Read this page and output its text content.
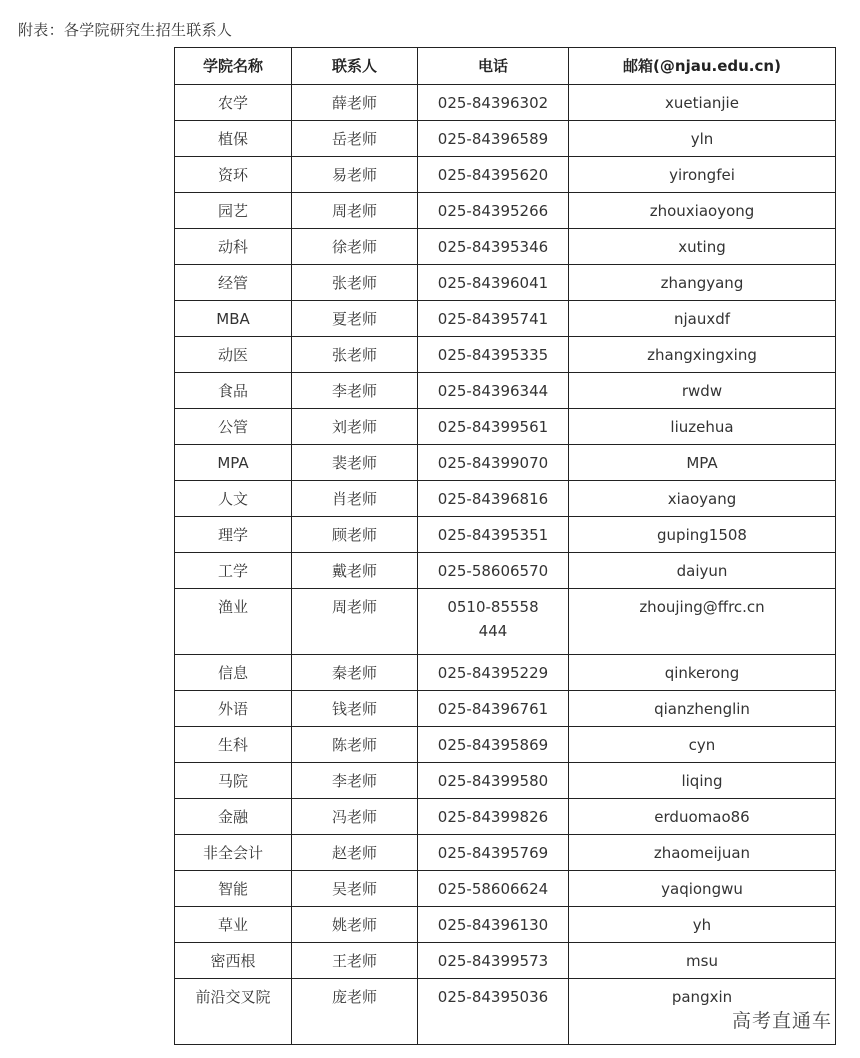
附表：各学院研究生招生联系人
学院名称	联系人	电话	邮箱(@njau.edu.cn)
农学	薛老师	025-84396302	xuetianjie
植保	岳老师	025-84396589	yln
资环	易老师	025-84395620	yirongfei
园艺	周老师	025-84395266	zhouxiaoyong
动科	徐老师	025-84395346	xuting
经管	张老师	025-84396041	zhangyang
MBA	夏老师	025-84395741	njauxdf
动医	张老师	025-84395335	zhangxingxing
食品	李老师	025-84396344	rwdw
公管	刘老师	025-84399561	liuzehua
MPA	裴老师	025-84399070	MPA
人文	肖老师	025-84396816	xiaoyang
理学	顾老师	025-84395351	guping1508
工学	戴老师	025-58606570	daiyun
渔业	周老师	0510-85558444	zhoujing@ffrc.cn
信息	秦老师	025-84395229	qinkerong
外语	钱老师	025-84396761	qianzhenglin
生科	陈老师	025-84395869	cyn
马院	李老师	025-84399580	liqing
金融	冯老师	025-84399826	erduomao86
非全会计	赵老师	025-84395769	zhaomeijuan
智能	吴老师	025-58606624	yaqiongwu
草业	姚老师	025-84396130	yh
密西根	王老师	025-84399573	msu
前沿交叉院	庞老师	025-84395036	pangxin
高考直通车
